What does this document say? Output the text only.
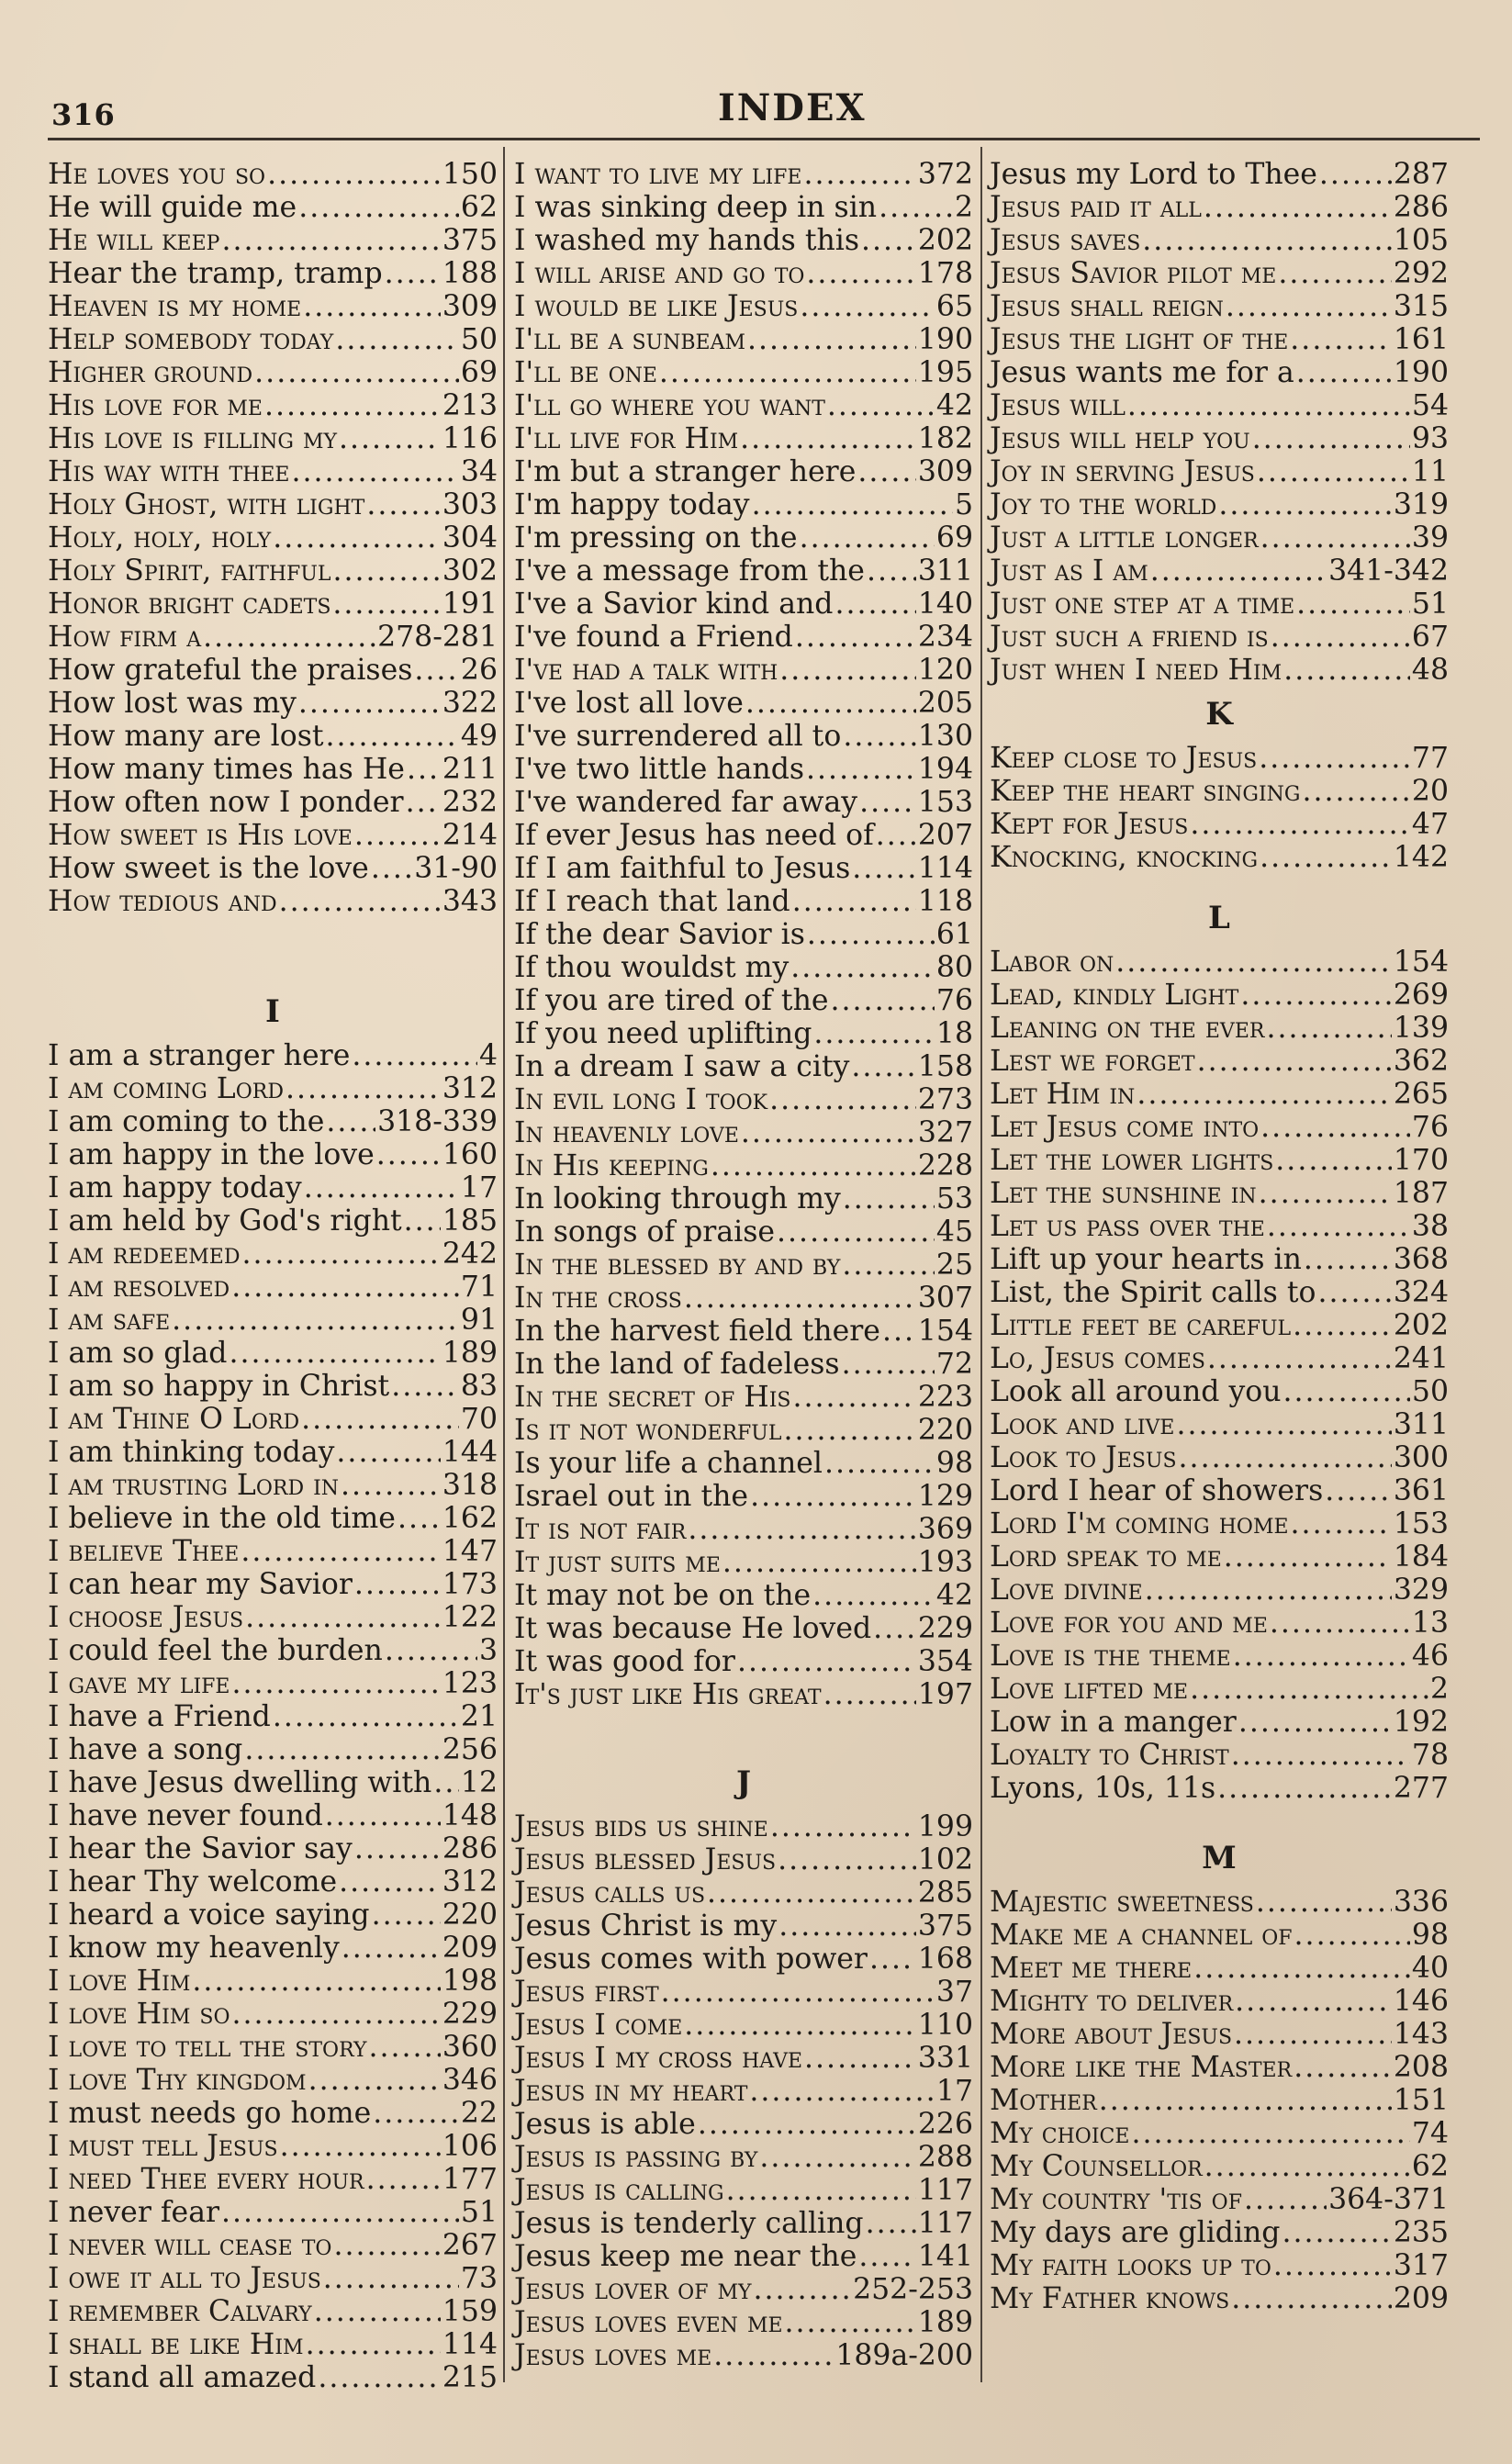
316	INDEX
He loves you so .....	150
He will guide me .....	62
He will keep .....	375
Hear the tramp, tramp ..... 188
Heaven is my home .....	309
Help somebody today .....	50
Higher ground .....	69
His love for me .....	213
His love is filling my .....	116
His way with thee .....	34
Holy Ghost, with light .....	303
Holy, holy, holy .....	304
Holy Spirit, faithful .....	302
Honor bright cadets .....	191
How firm a .....	278-281
How grateful the praises ..... 26
How lost was my .....	322
How many are lost .....	49
How many times has He ..... 211
How often now I ponder ..... 232
How sweet is His love .....	214
How sweet is the love ..... 31-90
How tedious and .....	343
I
I am a stranger here .....	4
I am coming Lord .....	312
I am coming to the ..... 318-339
I am happy in the love ..... 160
I am happy today .....	17
I am held by God's right ..... 185
I am redeemed .....	242
I am resolved .....	71
I am safe .....	91
I am so glad .....	189
I am so happy in Christ ..... 83
I am Thine O Lord .....	70
I am thinking today .....	144
I am trusting Lord in .....	318
I believe in the old time ..... 162
I believe Thee .....	147
I can hear my Savior .....	173
I choose Jesus .....	122
I could feel the burden .....	3
I gave my life .....	123
I have a Friend .....	21
I have a song .....	256
I have Jesus dwelling with ..... 12
I have never found .....	148
I hear the Savior say .....	286
I hear Thy welcome .....	312
I heard a voice saying .....	220
I know my heavenly .....	209
I love Him .....	198
I love Him so .....	229
I love to tell the story .....	360
I love Thy kingdom .....	346
I must needs go home .....	22
I must tell Jesus .....	106
I need Thee every hour .....	177
I never fear .....	51
I never will cease to .....	267
I owe it all to Jesus .....	73
I remember Calvary .....	159
I shall be like Him .....	114
I stand all amazed .....	215
I want to live my life .....	372
I was sinking deep in sin .....	2
I washed my hands this ..... 202
I will arise and go to .....	178
I would be like Jesus .....	65
I'll be a sunbeam .....	190
I'll be one .....	195
I'll go where you want .....	42
I'll live for Him .....	182
I'm but a stranger here ..... 309
I'm happy today .....	5
I'm pressing on the .....	69
I've a message from the ..... 311
I've a Savior kind and .....	140
I've found a Friend .....	234
I've had a talk with .....	120
I've lost all love .....	205
I've surrendered all to .....	130
I've two little hands .....	194
I've wandered far away ..... 153
If ever Jesus has need of ..... 207
If I am faithful to Jesus ..... 114
If I reach that land .....	118
If the dear Savior is .....	61
If thou wouldst my .....	80
If you are tired of the .....	76
If you need uplifting .....	18
In a dream I saw a city ..... 158
In evil long I took .....	273
In heavenly love .....	327
In His keeping .....	228
In looking through my .....	53
In songs of praise .....	45
In the blessed by and by .....	25
In the cross .....	307
In the harvest field there ..... 154
In the land of fadeless .....	72
In the secret of His .....	223
Is it not wonderful .....	220
Is your life a channel .....	98
Israel out in the .....	129
It is not fair .....	369
It just suits me .....	193
It may not be on the .....	42
It was because He loved ..... 229
It was good for .....	354
It's just like His great .....	197
J
Jesus bids us shine .....	199
Jesus blessed Jesus .....	102
Jesus calls us .....	285
Jesus Christ is my .....	375
Jesus comes with power ..... 168
Jesus first .....	37
Jesus I come .....	110
Jesus I my cross have .....	331
Jesus in my heart .....	17
Jesus is able .....	226
Jesus is passing by .....	288
Jesus is calling .....	117
Jesus is tenderly calling ..... 117
Jesus keep me near the ..... 141
Jesus lover of my .....	252-253
Jesus loves even me .....	189
Jesus loves me .....	189a-200
Jesus my Lord to Thee .....	287
Jesus paid it all .....	286
Jesus saves .....	105
Jesus Savior pilot me .....	292
Jesus shall reign .....	315
Jesus the light of the .....	161
Jesus wants me for a .....	190
Jesus will .....	54
Jesus will help you .....	93
Joy in serving Jesus .....	11
Joy to the world .....	319
Just a little longer .....	39
Just as I am .....	341-342
Just one step at a time .....	51
Just such a friend is .....	67
Just when I need Him .....	48
K
Keep close to Jesus .....	77
Keep the heart singing .....	20
Kept for Jesus .....	47
Knocking, knocking .....	142
L
Labor on .....	154
Lead, kindly Light .....	269
Leaning on the ever .....	139
Lest we forget .....	362
Let Him in .....	265
Let Jesus come into .....	76
Let the lower lights .....	170
Let the sunshine in .....	187
Let us pass over the .....	38
Lift up your hearts in .....	368
List, the Spirit calls to .....	324
Little feet be careful .....	202
Lo, Jesus comes .....	241
Look all around you .....	50
Look and live .....	311
Look to Jesus .....	300
Lord I hear of showers ..... 361
Lord I'm coming home .....	153
Lord speak to me .....	184
Love divine .....	329
Love for you and me .....	13
Love is the theme .....	46
Love lifted me .....	2
Low in a manger .....	192
Loyalty to Christ .....	78
Lyons, 10s, 11s .....	277
M
Majestic sweetness .....	336
Make me a channel of .....	98
Meet me there .....	40
Mighty to deliver .....	146
More about Jesus .....	143
More like the Master .....	208
Mother .....	151
My choice .....	74
My Counsellor .....	62
My country 'tis of .....	364-371
My days are gliding .....	235
My faith looks up to .....	317
My Father knows .....	209
